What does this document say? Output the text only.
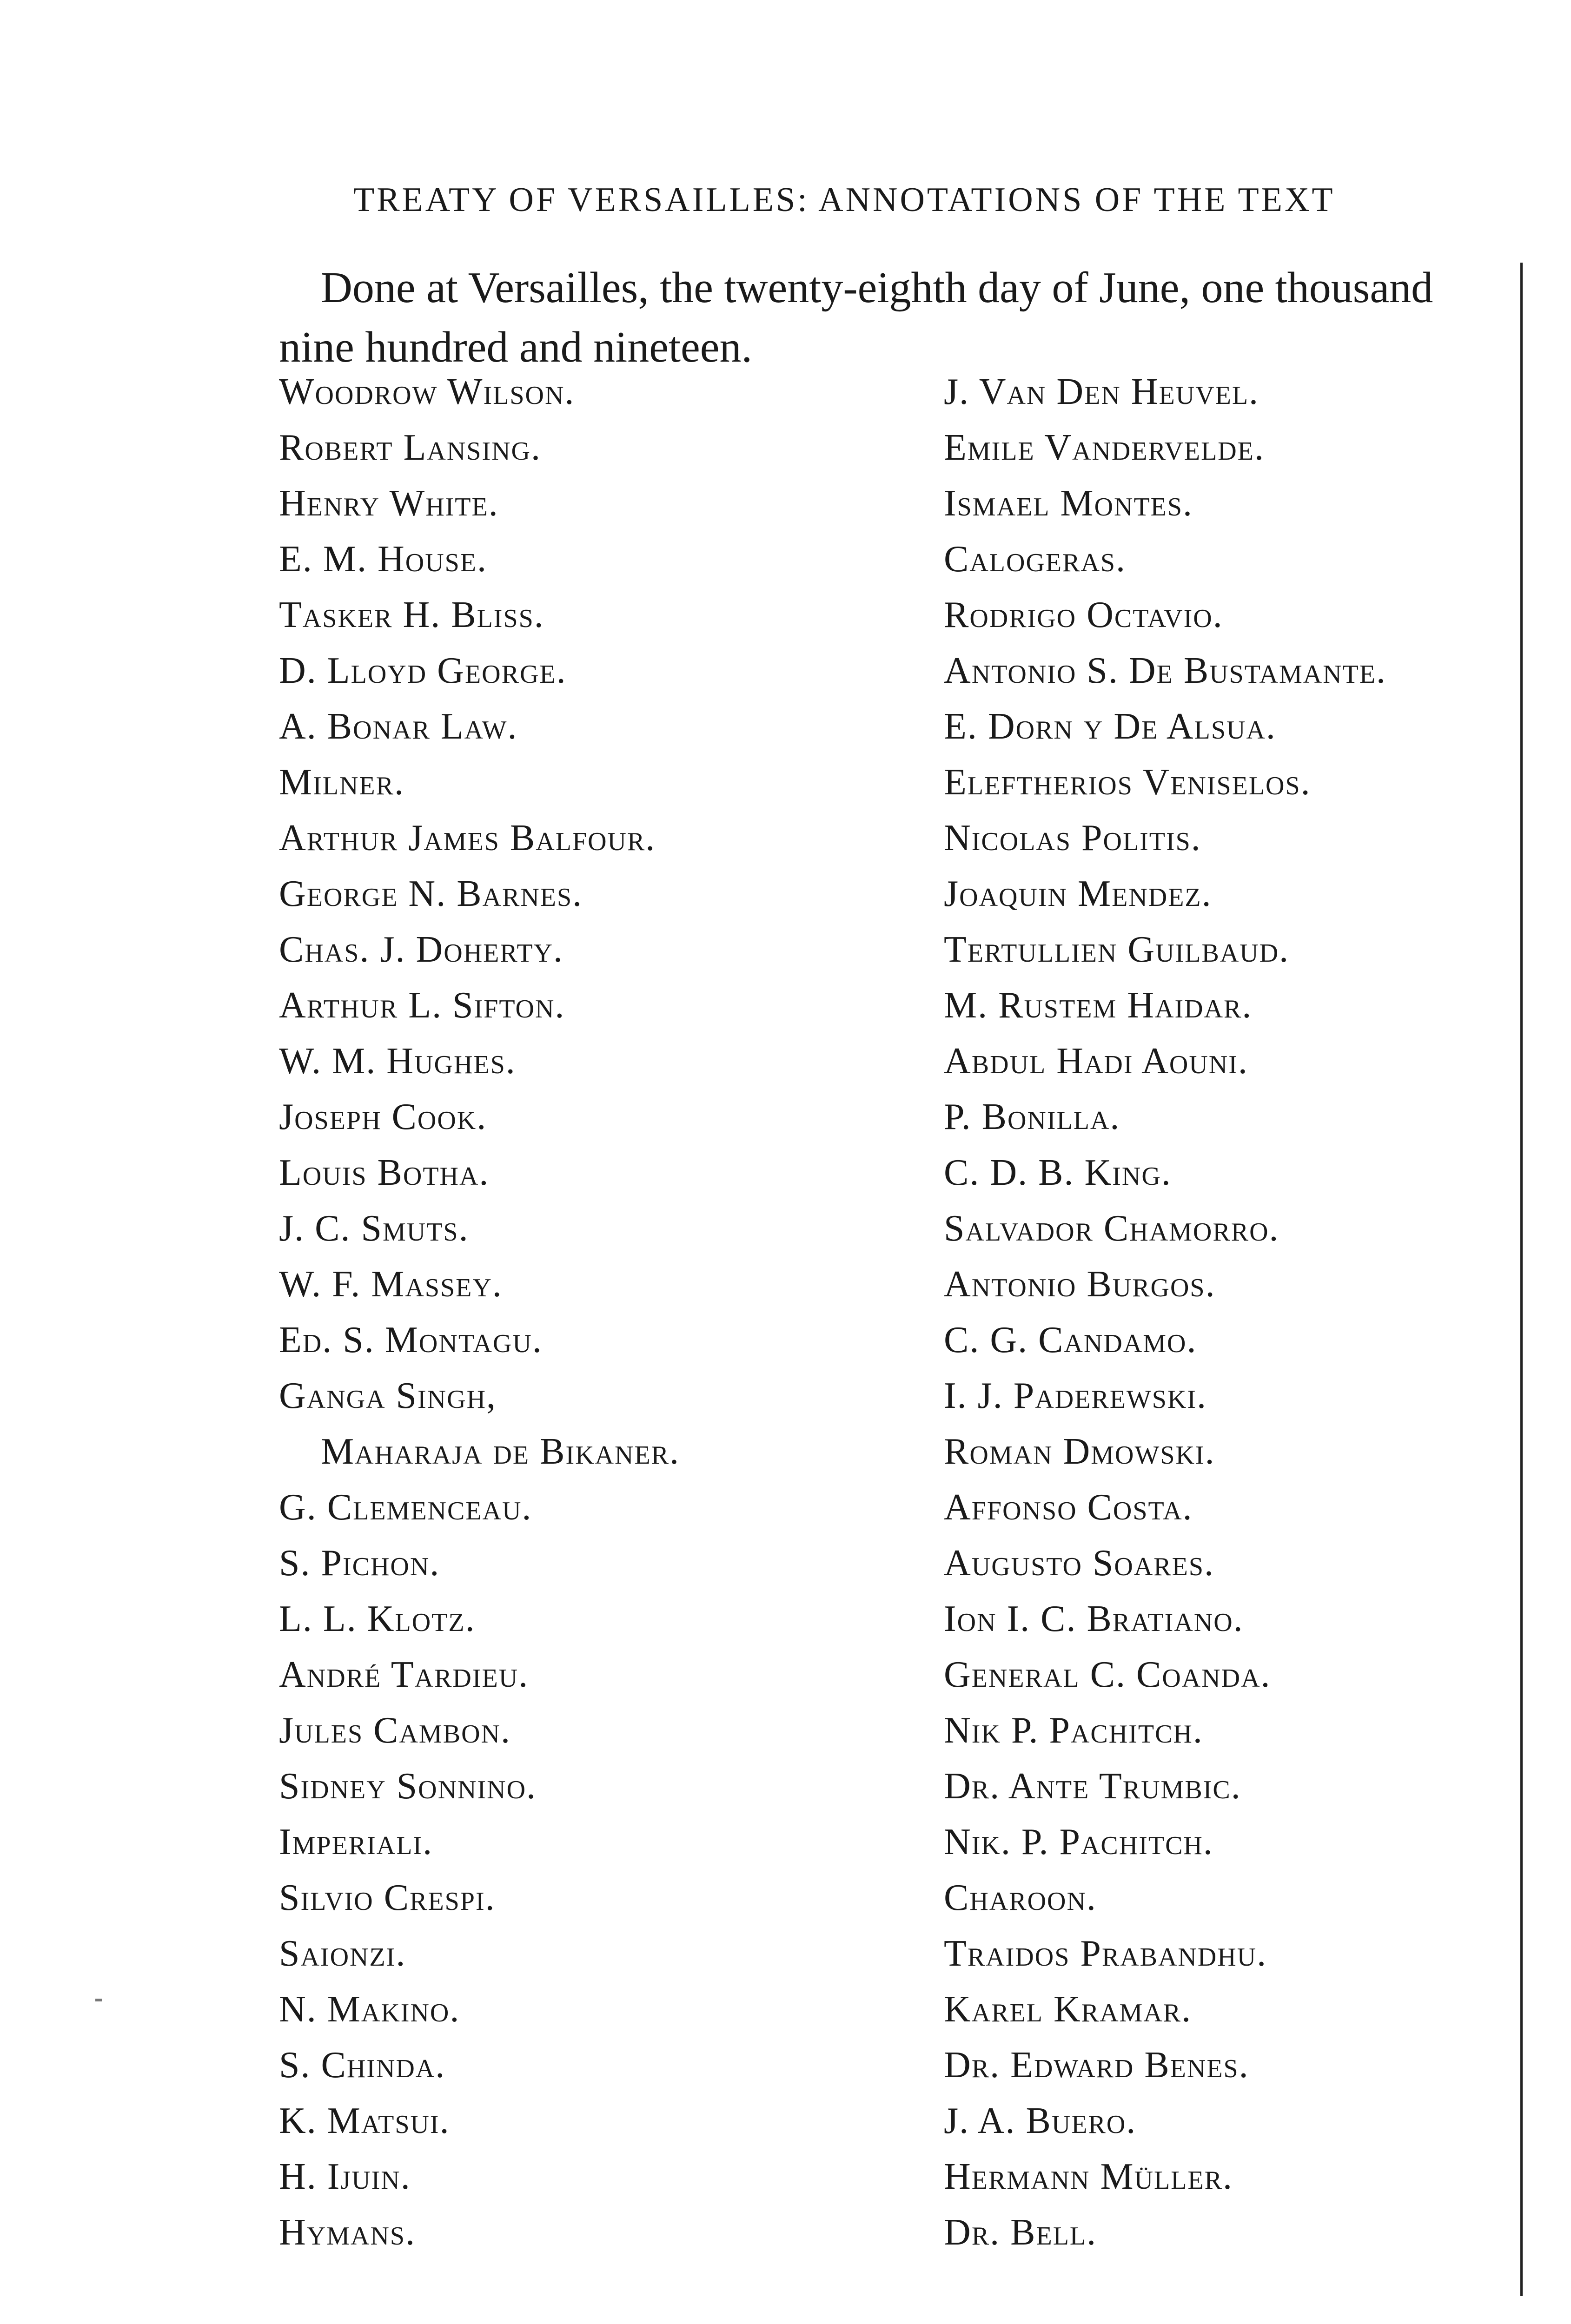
TREATY OF VERSAILLES: ANNOTATIONS OF THE TEXT
Done at Versailles, the twenty-eighth day of June, one thousand
nine hundred and nineteen.
Woodrow Wilson.
Robert Lansing.
Henry White.
E. M. House.
Tasker H. Bliss.
D. Lloyd George.
A. Bonar Law.
Milner.
Arthur James Balfour.
George N. Barnes.
Chas. J. Doherty.
Arthur L. Sifton.
W. M. Hughes.
Joseph Cook.
Louis Botha.
J. C. Smuts.
W. F. Massey.
Ed. S. Montagu.
Ganga Singh,
Maharaja de Bikaner.
G. Clemenceau.
S. Pichon.
L. L. Klotz.
André Tardieu.
Jules Cambon.
Sidney Sonnino.
Imperiali.
Silvio Crespi.
Saionzi.
N. Makino.
S. Chinda.
K. Matsui.
H. Ijuin.
Hymans.
J. Van Den Heuvel.
Emile Vandervelde.
Ismael Montes.
Calogeras.
Rodrigo Octavio.
Antonio S. De Bustamante.
E. Dorn y De Alsua.
Eleftherios Veniselos.
Nicolas Politis.
Joaquin Mendez.
Tertullien Guilbaud.
M. Rustem Haidar.
Abdul Hadi Aouni.
P. Bonilla.
C. D. B. King.
Salvador Chamorro.
Antonio Burgos.
C. G. Candamo.
I. J. Paderewski.
Roman Dmowski.
Affonso Costa.
Augusto Soares.
Ion I. C. Bratiano.
General C. Coanda.
Nik P. Pachitch.
Dr. Ante Trumbic.
Nik. P. Pachitch.
Charoon.
Traidos Prabandhu.
Karel Kramar.
Dr. Edward Benes.
J. A. Buero.
Hermann Müller.
Dr. Bell.
